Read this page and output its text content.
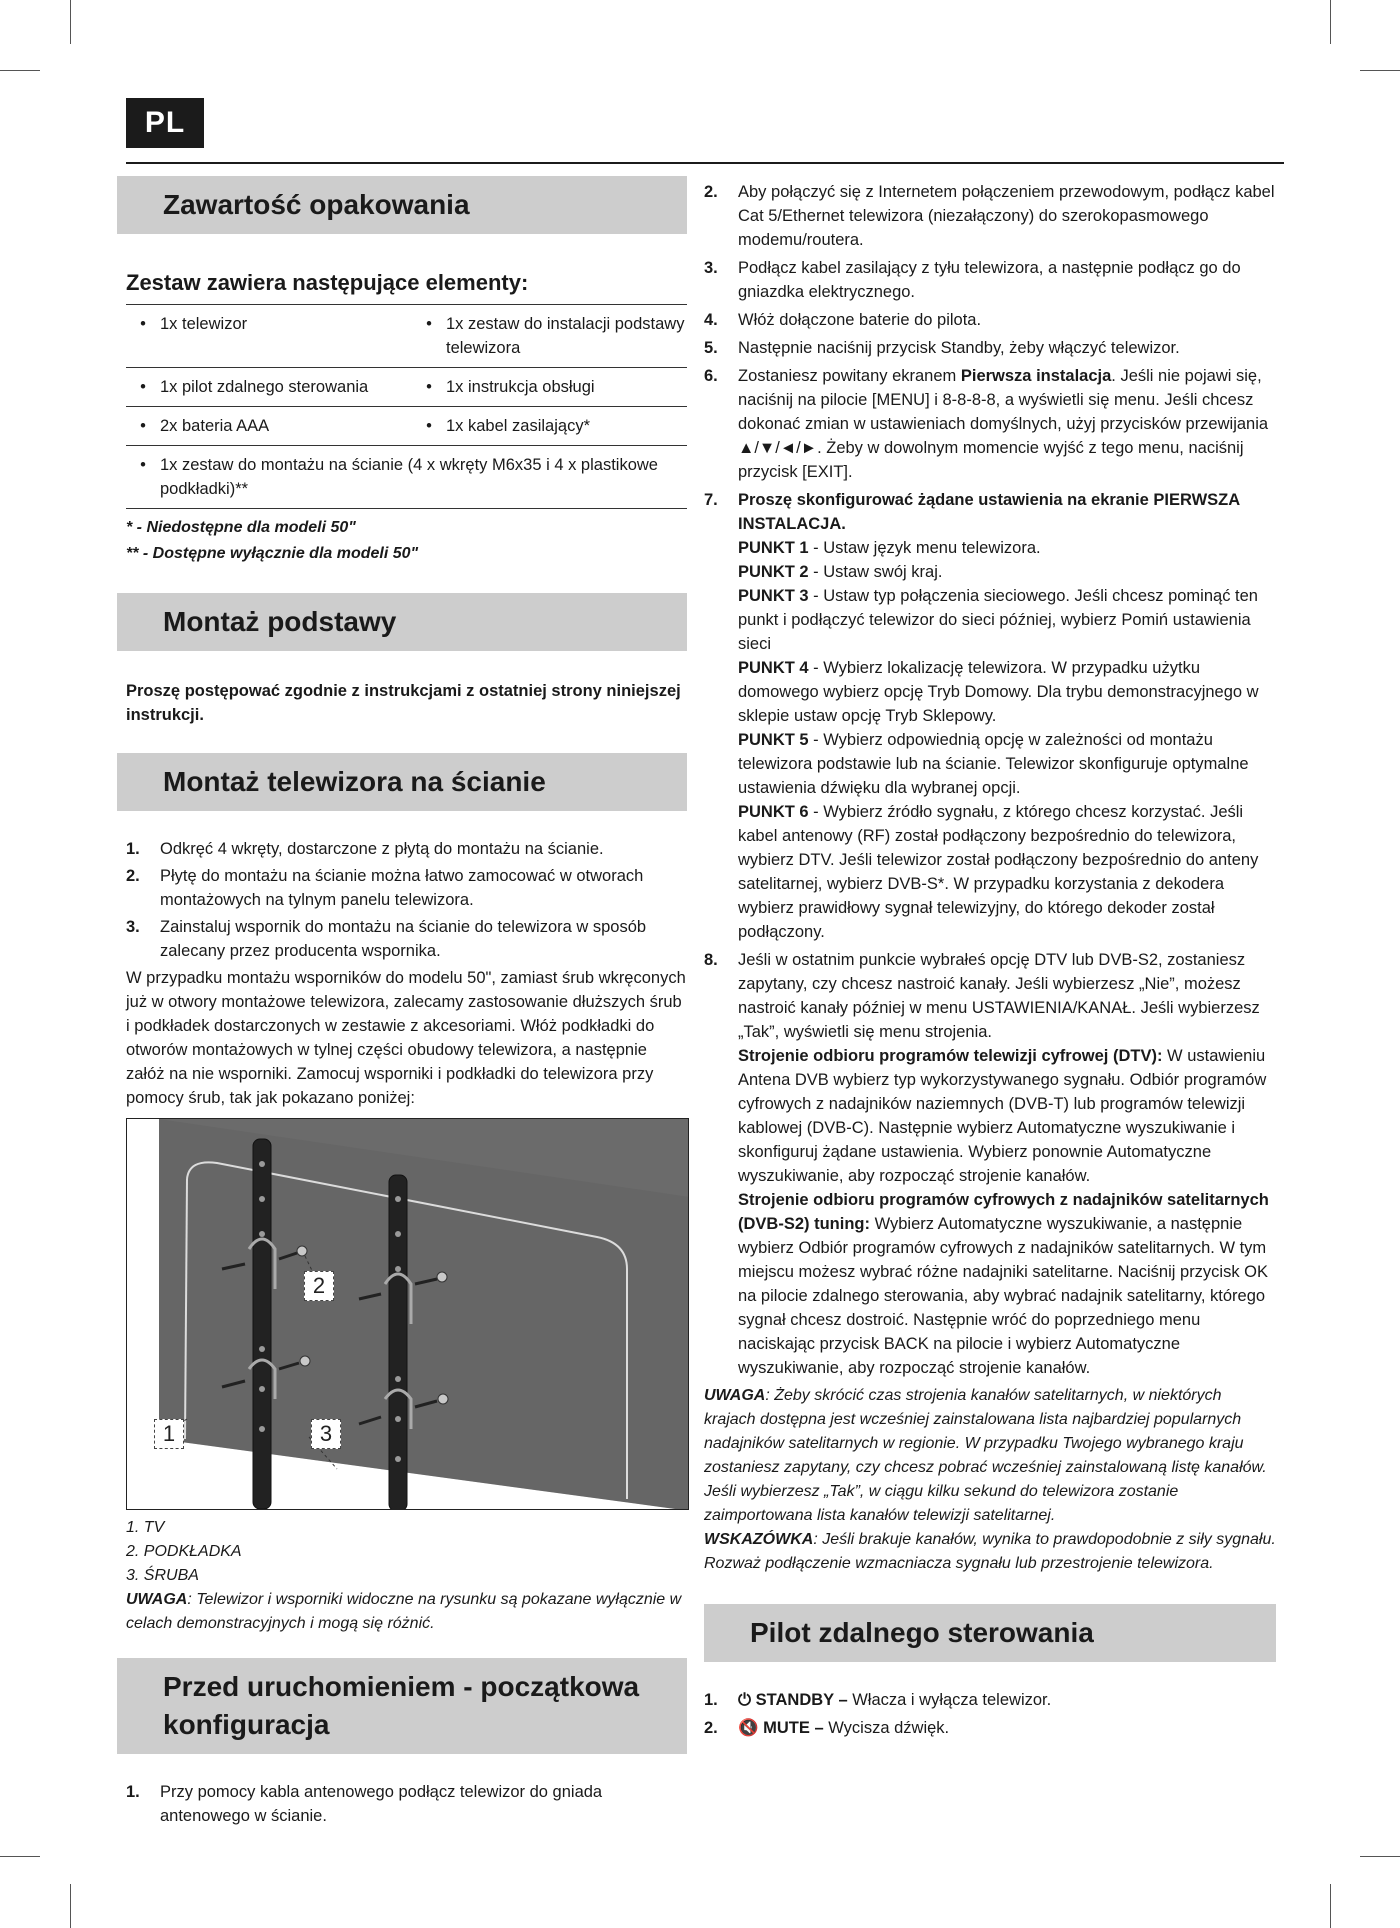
PL
Zawartość opakowania
Zestaw zawiera następujące elementy:
•	1x telewizor	•	1x zestaw do instalacji podstawy telewizora
•	1x pilot zdalnego sterowania	•	1x instrukcja obsługi
•	2x bateria AAA	•	1x kabel zasilający*
•	1x zestaw do montażu na ścianie (4 x wkręty M6x35 i 4 x plastikowe podkładki)**		
* - Niedostępne dla modeli 50"
** - Dostępne wyłącznie dla modeli 50"
Montaż podstawy

Proszę postępować zgodnie z instrukcjami z ostatniej strony niniejszej instrukcji.

Montaż telewizora na ścianie
1. Odkręć 4 wkręty, dostarczone z płytą do montażu na ścianie.
2. Płytę do montażu na ścianie można łatwo zamocować w otworach montażowych na tylnym panelu telewizora.
3. Zainstaluj wspornik do montażu na ścianie do telewizora w sposób zalecany przez producenta wspornika.

W przypadku montażu wsporników do modelu 50", zamiast śrub wkręconych już w otwory montażowe telewizora, zalecamy zastosowanie dłuższych śrub i podkładek dostarczonych w zestawie z akcesoriami. Włóż podkładki do otworów montażowych w tylnej części obudowy telewizora, a następnie załóż na nie wsporniki. Zamocuj wsporniki i podkładki do telewizora przy pomocy śrub, tak jak pokazano poniżej:

1
2
3
1. TV
2. PODKŁADKA
3. ŚRUBA
UWAGA: Telewizor i wsporniki widoczne na rysunku są pokazane wyłącznie w celach demonstracyjnych i mogą się różnić.
Przed uruchomieniem - początkowa konfiguracja
1. Przy pomocy kabla antenowego podłącz telewizor do gniada antenowego w ścianie.
2. Aby połączyć się z Internetem połączeniem przewodowym, podłącz kabel Cat 5/Ethernet telewizora (niezałączony) do szerokopasmowego modemu/routera.
3. Podłącz kabel zasilający z tyłu telewizora, a następnie podłącz go do gniazdka elektrycznego.
4. Włóż dołączone baterie do pilota.
5. Następnie naciśnij przycisk Standby, żeby włączyć telewizor.
6. Zostaniesz powitany ekranem Pierwsza instalacja. Jeśli nie pojawi się, naciśnij na pilocie [MENU] i 8-8-8-8, a wyświetli się menu. Jeśli chcesz dokonać zmian w ustawieniach domyślnych, użyj przycisków przewijania ▲/▼/◄/►. Żeby w dowolnym momencie wyjść z tego menu, naciśnij przycisk [EXIT].
7. Proszę skonfigurować żądane ustawienia na ekranie PIERWSZA INSTALACJA.
PUNKT 1 - Ustaw język menu telewizora.
PUNKT 2 - Ustaw swój kraj.
PUNKT 3 - Ustaw typ połączenia sieciowego. Jeśli chcesz pominąć ten punkt i podłączyć telewizor do sieci później, wybierz Pomiń ustawienia sieci
PUNKT 4 - Wybierz lokalizację telewizora. W przypadku użytku domowego wybierz opcję Tryb Domowy. Dla trybu demonstracyjnego w sklepie ustaw opcję Tryb Sklepowy.
PUNKT 5 - Wybierz odpowiednią opcję w zależności od montażu telewizora podstawie lub na ścianie. Telewizor skonfiguruje optymalne ustawienia dźwięku dla wybranej opcji.
PUNKT 6 - Wybierz źródło sygnału, z którego chcesz korzystać. Jeśli kabel antenowy (RF) został podłączony bezpośrednio do telewizora, wybierz DTV. Jeśli telewizor został podłączony bezpośrednio do anteny satelitarnej, wybierz DVB-S*. W przypadku korzystania z dekodera wybierz prawidłowy sygnał telewizyjny, do którego dekoder został podłączony.
8. Jeśli w ostatnim punkcie wybrałeś opcję DTV lub DVB-S2, zostaniesz zapytany, czy chcesz nastroić kanały. Jeśli wybierzesz „Nie”, możesz nastroić kanały później w menu USTAWIENIA/KANAŁ. Jeśli wybierzesz „Tak”, wyświetli się menu strojenia.
Strojenie odbioru programów telewizji cyfrowej (DTV): W ustawieniu Antena DVB wybierz typ wykorzystywanego sygnału. Odbiór programów cyfrowych z nadajników naziemnych (DVB-T) lub programów telewizji kablowej (DVB-C). Następnie wybierz Automatyczne wyszukiwanie i skonfiguruj żądane ustawienia. Wybierz ponownie Automatyczne wyszukiwanie, aby rozpocząć strojenie kanałów.
Strojenie odbioru programów cyfrowych z nadajników satelitarnych (DVB-S2) tuning: Wybierz Automatyczne wyszukiwanie, a następnie wybierz Odbiór programów cyfrowych z nadajników satelitarnych. W tym miejscu możesz wybrać różne nadajniki satelitarne. Naciśnij przycisk OK na pilocie zdalnego sterowania, aby wybrać nadajnik satelitarny, którego sygnał chcesz dostroić. Następnie wróć do poprzedniego menu naciskając przycisk BACK na pilocie i wybierz Automatyczne wyszukiwanie, aby rozpocząć strojenie kanałów.
UWAGA: Żeby skrócić czas strojenia kanałów satelitarnych, w niektórych krajach dostępna jest wcześniej zainstalowana lista najbardziej popularnych nadajników satelitarnych w regionie. W przypadku Twojego wybranego kraju zostaniesz zapytany, czy chcesz pobrać wcześniej zainstalowaną listę kanałów. Jeśli wybierzesz „Tak”, w ciągu kilku sekund do telewizora zostanie zaimportowana lista kanałów telewizji satelitarnej.
WSKAZÓWKA: Jeśli brakuje kanałów, wynika to prawdopodobnie z siły sygnału. Rozważ podłączenie wzmacniacza sygnału lub przestrojenie telewizora.
Pilot zdalnego sterowania
1. ⏻ STANDBY – Włacza i wyłącza telewizor.
2. 🔇 MUTE – Wycisza dźwięk.
